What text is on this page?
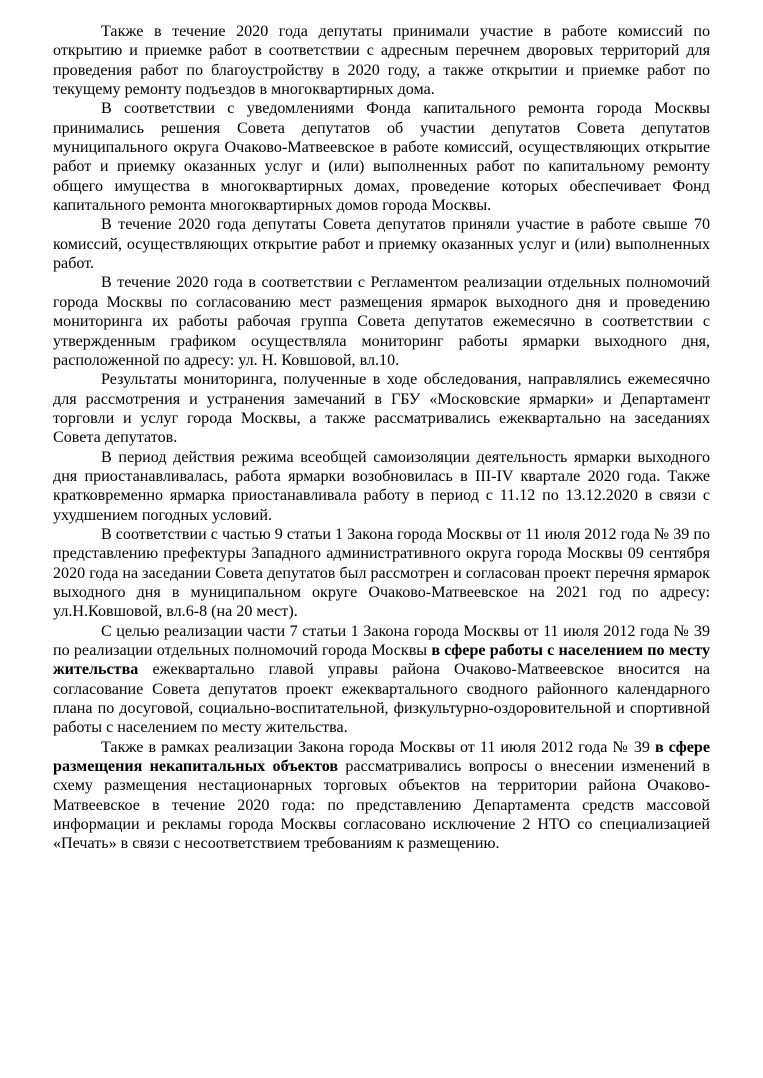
Также в течение 2020 года депутаты принимали участие в работе комиссий по открытию и приемке работ в соответствии с адресным перечнем дворовых территорий для проведения работ по благоустройству в 2020 году, а также открытии и приемке работ по текущему ремонту подъездов в многоквартирных дома.

В соответствии с уведомлениями Фонда капитального ремонта города Москвы принимались решения Совета депутатов об участии депутатов Совета депутатов муниципального округа Очаково-Матвеевское в работе комиссий, осуществляющих открытие работ и приемку оказанных услуг и (или) выполненных работ по капитальному ремонту общего имущества в многоквартирных домах, проведение которых обеспечивает Фонд капитального ремонта многоквартирных домов города Москвы.

В течение 2020 года депутаты Совета депутатов приняли участие в работе свыше 70 комиссий, осуществляющих открытие работ и приемку оказанных услуг и (или) выполненных работ.

В течение 2020 года в соответствии с Регламентом реализации отдельных полномочий города Москвы по согласованию мест размещения ярмарок выходного дня и проведению мониторинга их работы рабочая группа Совета депутатов ежемесячно в соответствии с утвержденным графиком осуществляла мониторинг работы ярмарки выходного дня, расположенной по адресу: ул. Н. Ковшовой, вл.10.

Результаты мониторинга, полученные в ходе обследования, направлялись ежемесячно для рассмотрения и устранения замечаний в ГБУ «Московские ярмарки» и Департамент торговли и услуг города Москвы, а также рассматривались ежеквартально на заседаниях Совета депутатов.

В период действия режима всеобщей самоизоляции деятельность ярмарки выходного дня приостанавливалась, работа ярмарки возобновилась в III-IV квартале 2020 года. Также кратковременно ярмарка приостанавливала работу в период с 11.12 по 13.12.2020 в связи с ухудшением погодных условий.

В соответствии с частью 9 статьи 1 Закона города Москвы от 11 июля 2012 года № 39 по представлению префектуры Западного административного округа города Москвы 09 сентября 2020 года на заседании Совета депутатов был рассмотрен и согласован проект перечня ярмарок выходного дня в муниципальном округе Очаково-Матвеевское на 2021 год по адресу: ул.Н.Ковшовой, вл.6-8 (на 20 мест).

С целью реализации части 7 статьи 1 Закона города Москвы от 11 июля 2012 года № 39 по реализации отдельных полномочий города Москвы в сфере работы с населением по месту жительства ежеквартально главой управы района Очаково-Матвеевское вносится на согласование Совета депутатов проект ежеквартального сводного районного календарного плана по досуговой, социально-воспитательной, физкультурно-оздоровительной и спортивной работы с населением по месту жительства.

Также в рамках реализации Закона города Москвы от 11 июля 2012 года № 39 в сфере размещения некапитальных объектов рассматривались вопросы о внесении изменений в схему размещения нестационарных торговых объектов на территории района Очаково-Матвеевское в течение 2020 года: по представлению Департамента средств массовой информации и рекламы города Москвы согласовано исключение 2 НТО со специализацией «Печать» в связи с несоответствием требованиям к размещению.
